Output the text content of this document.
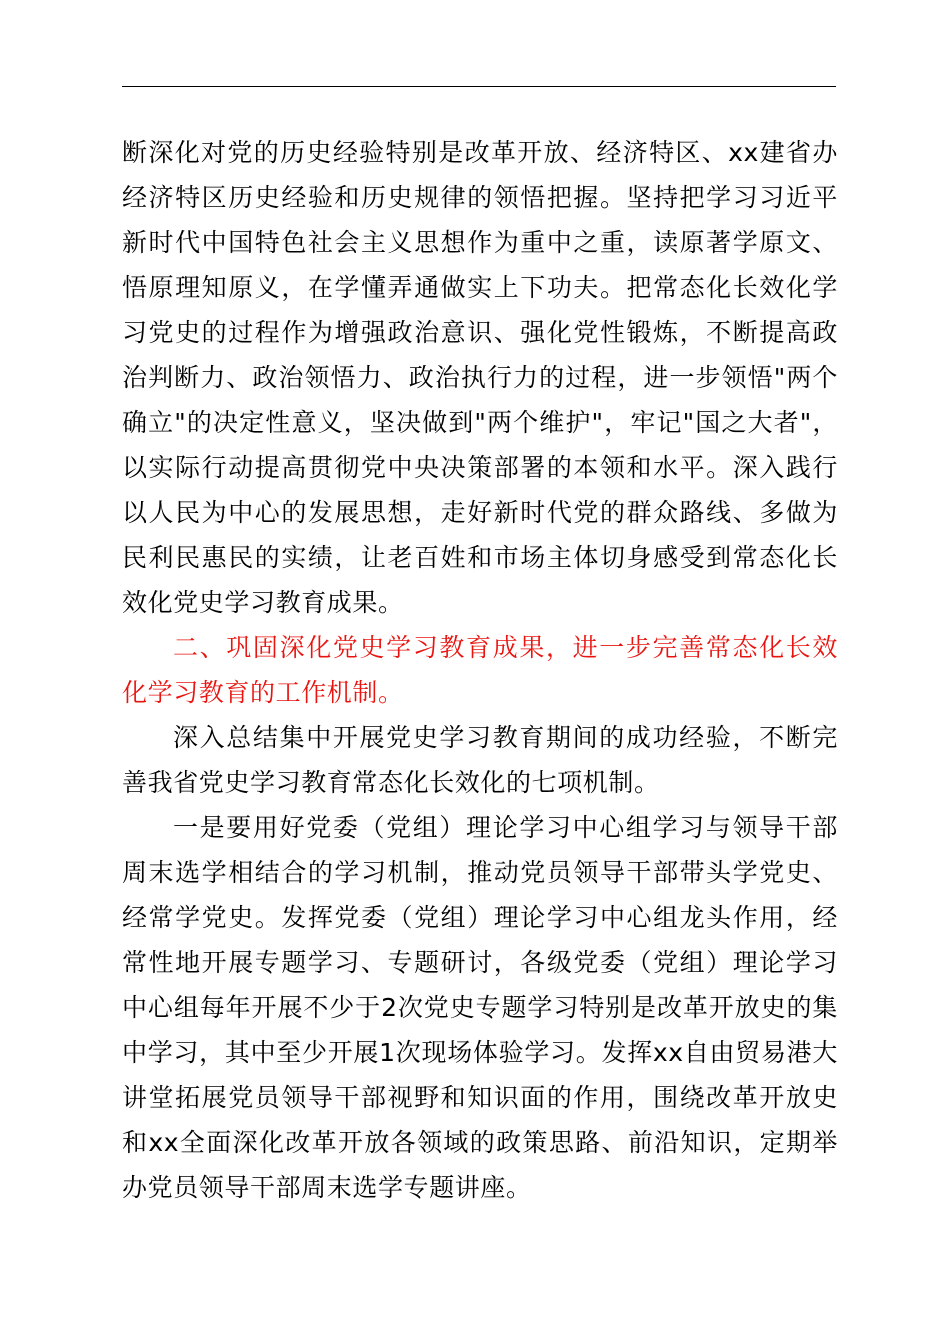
断深化对党的历史经验特别是改革开放、经济特区、xx建省办经济特区历史经验和历史规律的领悟把握。坚持把学习习近平新时代中国特色社会主义思想作为重中之重，读原著学原文、悟原理知原义，在学懂弄通做实上下功夫。把常态化长效化学习党史的过程作为增强政治意识、强化党性锻炼，不断提高政治判断力、政治领悟力、政治执行力的过程，进一步领悟"两个确立"的决定性意义，坚决做到"两个维护"，牢记"国之大者"，以实际行动提高贯彻党中央决策部署的本领和水平。深入践行以人民为中心的发展思想，走好新时代党的群众路线、多做为民利民惠民的实绩，让老百姓和市场主体切身感受到常态化长效化党史学习教育成果。

二、巩固深化党史学习教育成果，进一步完善常态化长效化学习教育的工作机制。

深入总结集中开展党史学习教育期间的成功经验，不断完善我省党史学习教育常态化长效化的七项机制。

一是要用好党委（党组）理论学习中心组学习与领导干部周末选学相结合的学习机制，推动党员领导干部带头学党史、经常学党史。发挥党委（党组）理论学习中心组龙头作用，经常性地开展专题学习、专题研讨，各级党委（党组）理论学习中心组每年开展不少于2次党史专题学习特别是改革开放史的集中学习，其中至少开展1次现场体验学习。发挥xx自由贸易港大讲堂拓展党员领导干部视野和知识面的作用，围绕改革开放史和xx全面深化改革开放各领域的政策思路、前沿知识，定期举办党员领导干部周末选学专题讲座。
